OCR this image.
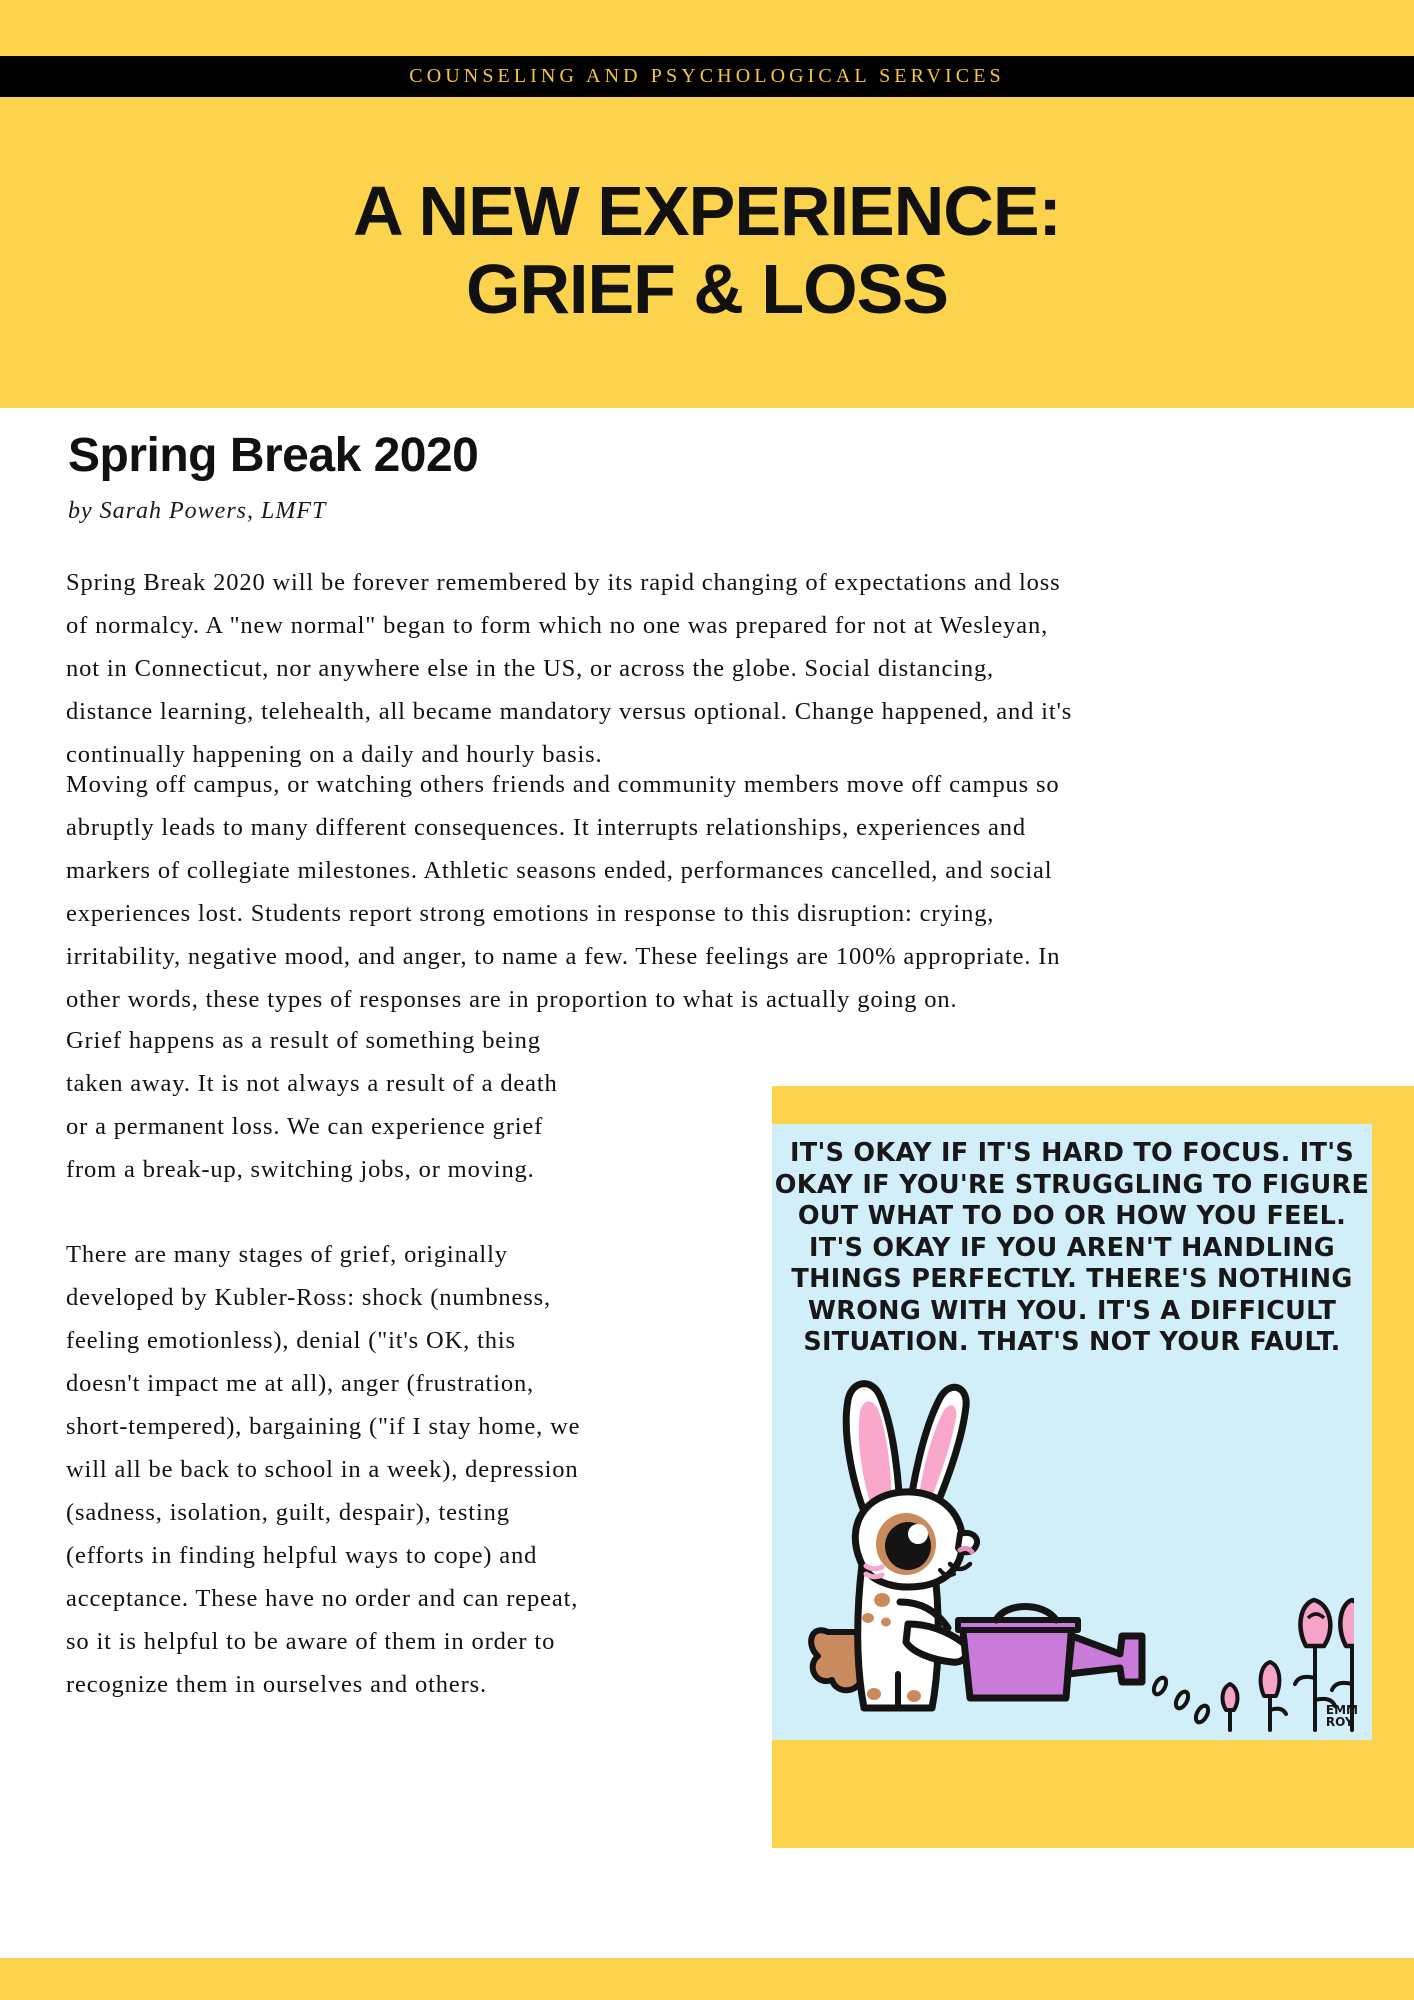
COUNSELING AND PSYCHOLOGICAL SERVICES
A NEW EXPERIENCE:
GRIEF & LOSS
Spring Break 2020
by Sarah Powers, LMFT

Spring Break 2020 will be forever remembered by its rapid changing of expectations and loss of normalcy. A "new normal" began to form which no one was prepared for not at Wesleyan, not in Connecticut, nor anywhere else in the US, or across the globe. Social distancing, distance learning, telehealth, all became mandatory versus optional. Change happened, and it's continually happening on a daily and hourly basis.

Moving off campus, or watching others friends and community members move off campus so abruptly leads to many different consequences. It interrupts relationships, experiences and markers of collegiate milestones. Athletic seasons ended, performances cancelled, and social experiences lost. Students report strong emotions in response to this disruption: crying, irritability, negative mood, and anger, to name a few. These feelings are 100% appropriate. In other words, these types of responses are in proportion to what is actually going on.

Grief happens as a result of something being taken away. It is not always a result of a death or a permanent loss. We can experience grief from a break-up, switching jobs, or moving.

There are many stages of grief, originally developed by Kubler-Ross: shock (numbness, feeling emotionless), denial ("it's OK, this doesn't impact me at all), anger (frustration, short-tempered), bargaining ("if I stay home, we will all be back to school in a week), depression (sadness, isolation, guilt, despair), testing (efforts in finding helpful ways to cope) and acceptance. These have no order and can repeat, so it is helpful to be aware of them in order to recognize them in ourselves and others.

IT'S OKAY IF IT'S HARD TO FOCUS. IT'S
OKAY IF YOU'RE STRUGGLING TO FIGURE
OUT WHAT TO DO OR HOW YOU FEEL.
IT'S OKAY IF YOU AREN'T HANDLING
THINGS PERFECTLY. THERE'S NOTHING
WRONG WITH YOU. IT'S A DIFFICULT
SITUATION. THAT'S NOT YOUR FAULT.
EMM
ROY
